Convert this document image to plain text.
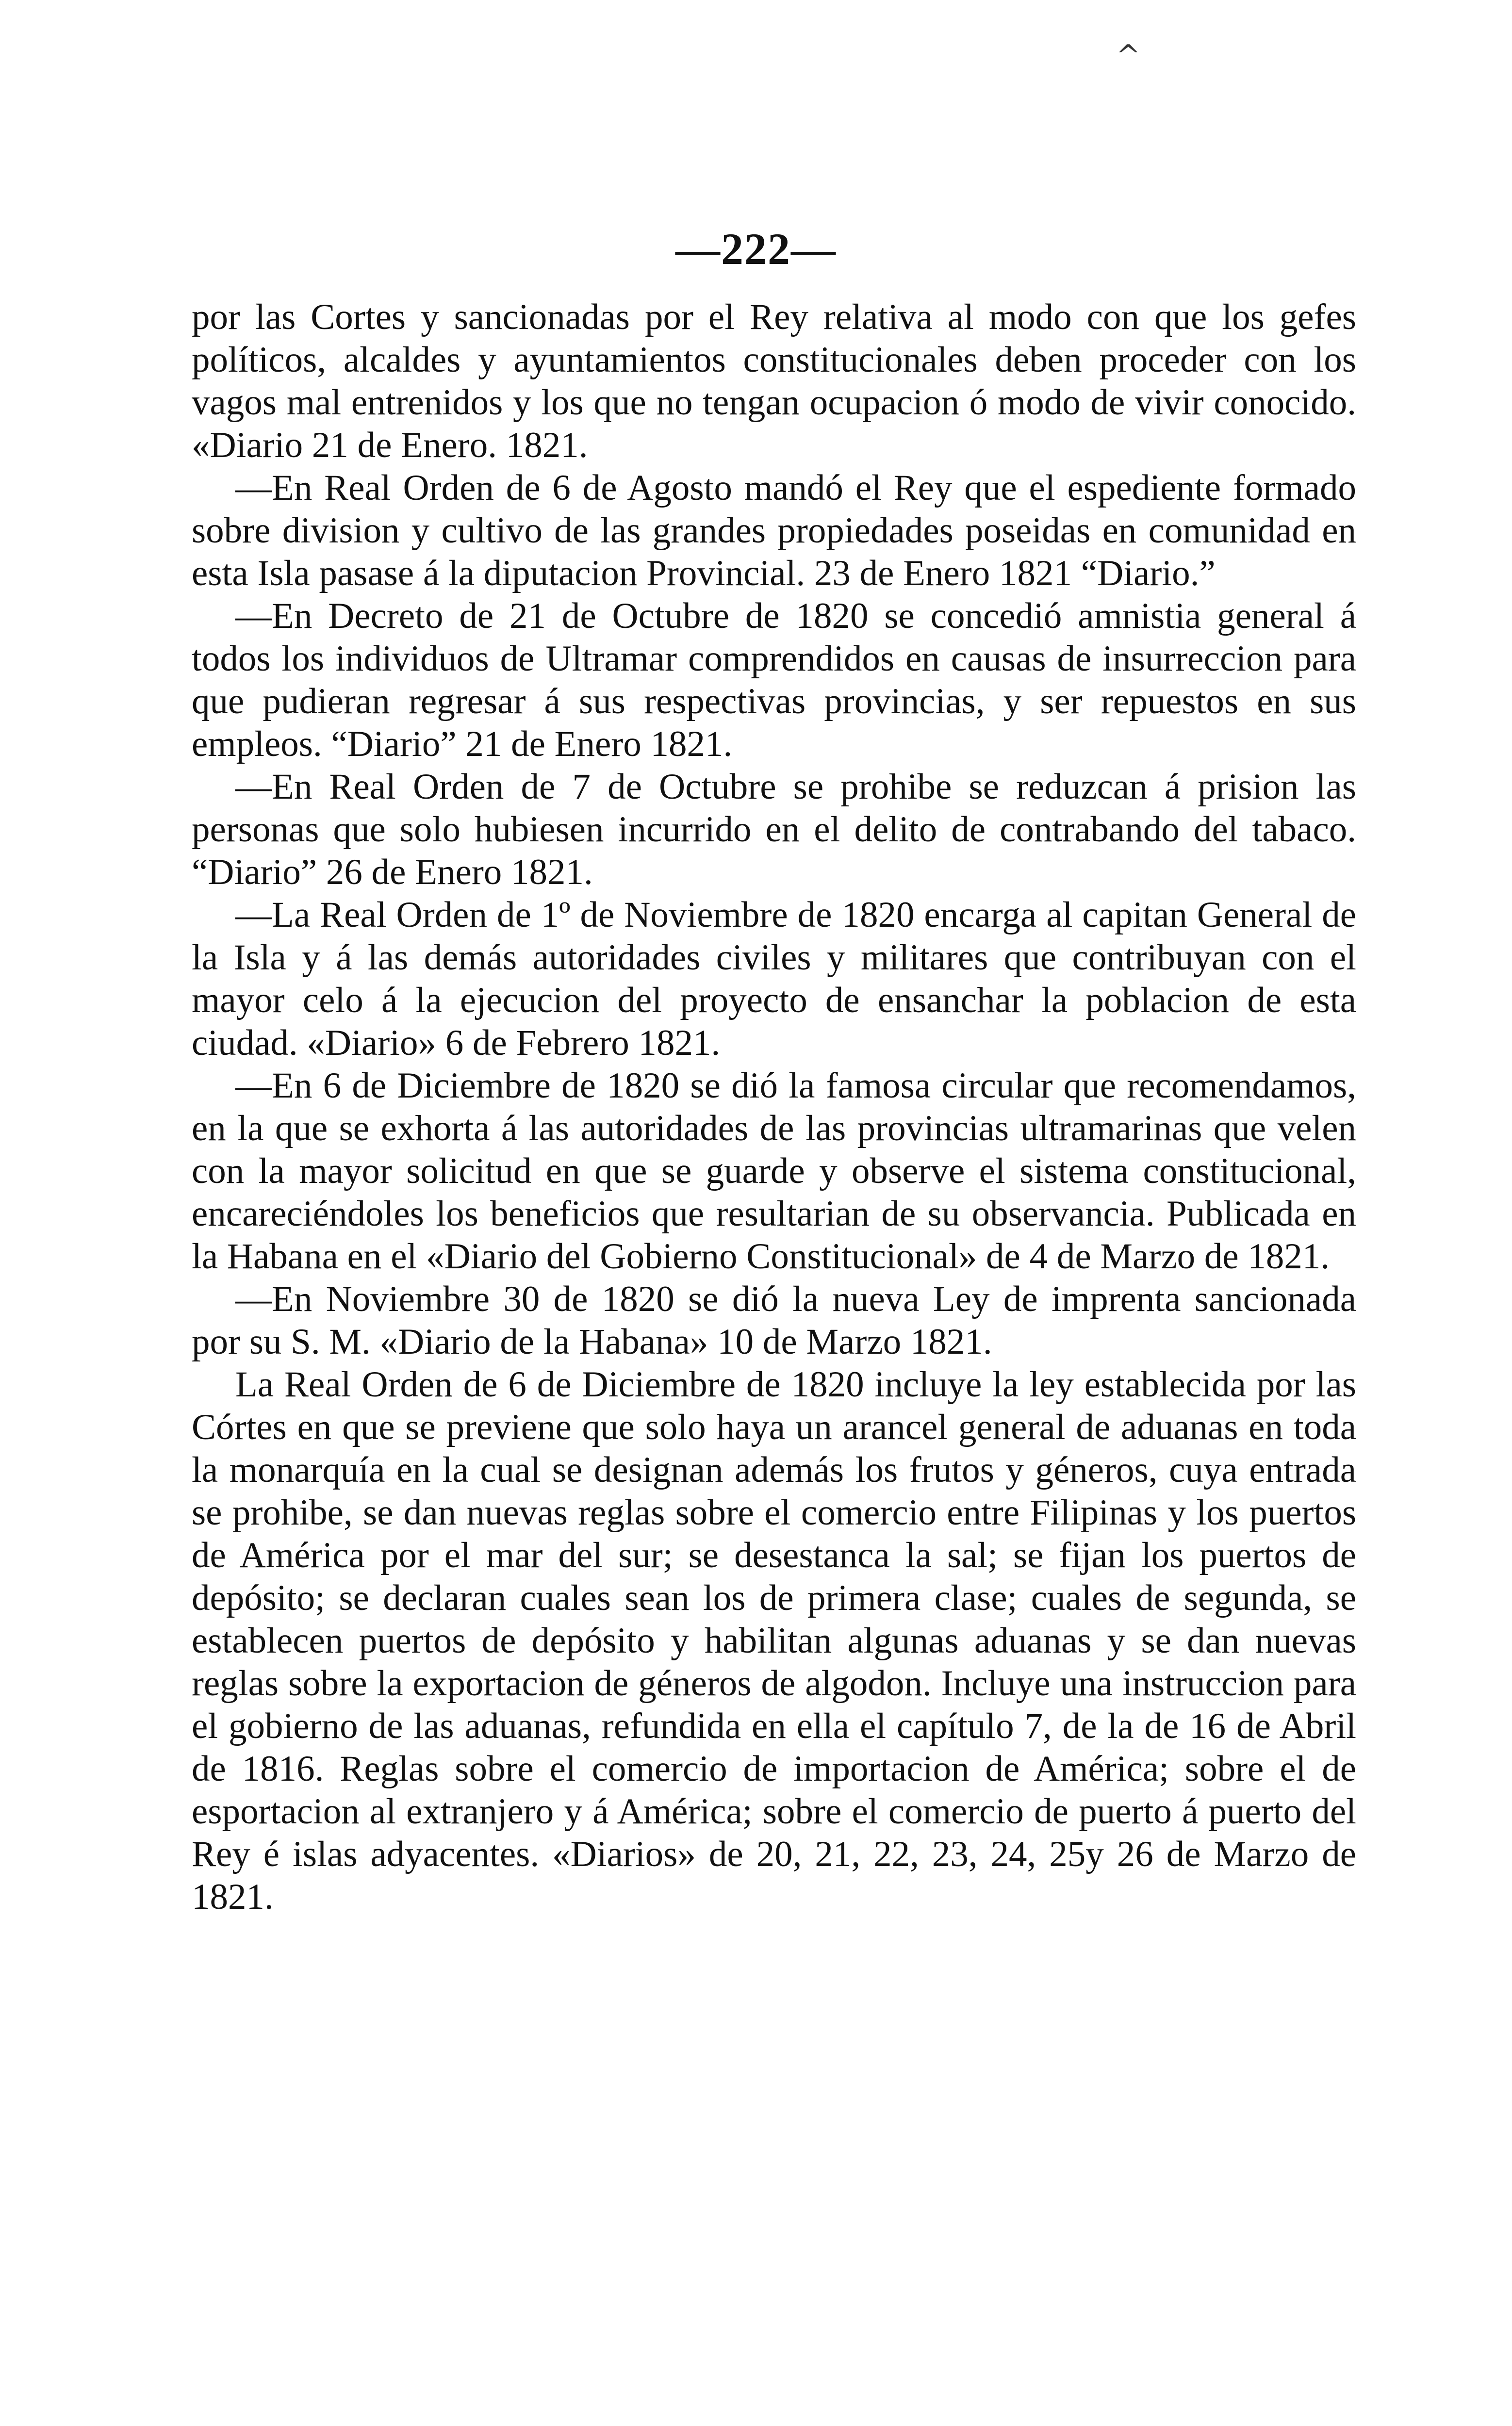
^
—222—

por las Cortes y sancionadas por el Rey relativa al modo con que los gefes políticos, alcaldes y ayuntamientos constitucionales deben proceder con los vagos mal entrenidos y los que no tengan ocupacion ó modo de vivir conocido. «Diario 21 de Enero. 1821.

—En Real Orden de 6 de Agosto mandó el Rey que el espediente formado sobre division y cultivo de las grandes propiedades poseidas en comunidad en esta Isla pasase á la diputacion Provincial. 23 de Enero 1821 “Diario.”

—En Decreto de 21 de Octubre de 1820 se concedió amnistia general á todos los individuos de Ultramar comprendidos en causas de insurreccion para que pudieran regresar á sus respectivas provincias, y ser repuestos en sus empleos. “Diario” 21 de Enero 1821.

—En Real Orden de 7 de Octubre se prohibe se reduzcan á prision las personas que solo hubiesen incurrido en el delito de contrabando del tabaco. “Diario” 26 de Enero 1821.

—La Real Orden de 1º de Noviembre de 1820 encarga al capitan General de la Isla y á las demás autoridades civiles y militares que contribuyan con el mayor celo á la ejecucion del proyecto de ensanchar la poblacion de esta ciudad. «Diario» 6 de Febrero 1821.

—En 6 de Diciembre de 1820 se dió la famosa circular que recomendamos, en la que se exhorta á las autoridades de las provincias ultramarinas que velen con la mayor solicitud en que se guarde y observe el sistema constitucional, encareciéndoles los beneficios que resultarian de su observancia. Publicada en la Habana en el «Diario del Gobierno Constitucional» de 4 de Marzo de 1821.

—En Noviembre 30 de 1820 se dió la nueva Ley de imprenta sancionada por su S. M. «Diario de la Habana» 10 de Marzo 1821.

La Real Orden de 6 de Diciembre de 1820 incluye la ley establecida por las Córtes en que se previene que solo haya un arancel general de aduanas en toda la monarquía en la cual se designan además los frutos y géneros, cuya entrada se prohibe, se dan nuevas reglas sobre el comercio entre Filipinas y los puertos de América por el mar del sur; se desestanca la sal; se fijan los puertos de depósito; se declaran cuales sean los de primera clase; cuales de segunda, se establecen puertos de depósito y habilitan algunas aduanas y se dan nuevas reglas sobre la exportacion de géneros de algodon. Incluye una instruccion para el gobierno de las aduanas, refundida en ella el capítulo 7, de la de 16 de Abril de 1816. Reglas sobre el comercio de importacion de América; sobre el de esportacion al extranjero y á América; sobre el comercio de puerto á puerto del Rey é islas adyacentes. «Diarios» de 20, 21, 22, 23, 24, 25y 26 de Marzo de 1821.
